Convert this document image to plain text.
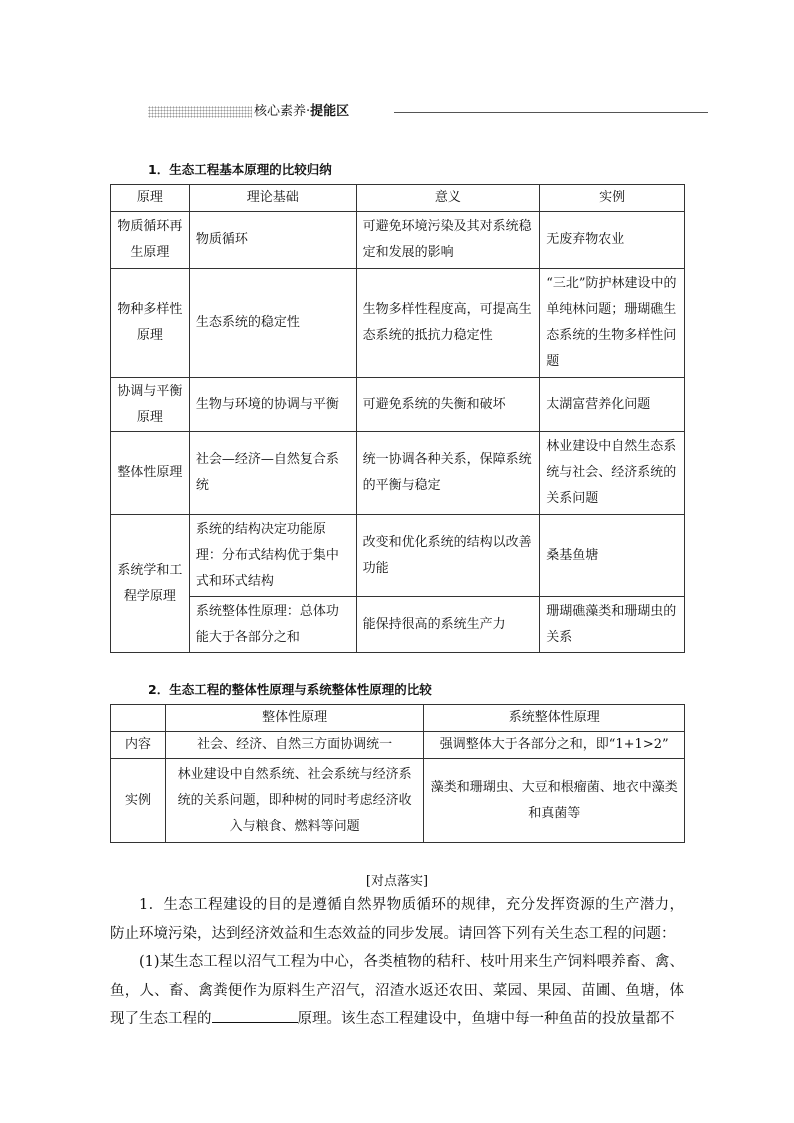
核心素养·提能区
1．生态工程基本原理的比较归纳
原理	理论基础	意义	实例
物质循环再生原理	物质循环	可避免环境污染及其对系统稳定和发展的影响	无废弃物农业
物种多样性原理	生态系统的稳定性	生物多样性程度高，可提高生态系统的抵抗力稳定性	“三北”防护林建设中的单纯林问题；珊瑚礁生态系统的生物多样性问题
协调与平衡原理	生物与环境的协调与平衡	可避免系统的失衡和破坏	太湖富营养化问题
整体性原理	社会—经济—自然复合系统	统一协调各种关系，保障系统的平衡与稳定	林业建设中自然生态系统与社会、经济系统的关系问题
系统学和工程学原理	系统的结构决定功能原理：分布式结构优于集中式和环式结构	改变和优化系统的结构以改善功能	桑基鱼塘
	系统整体性原理：总体功能大于各部分之和	能保持很高的系统生产力	珊瑚礁藻类和珊瑚虫的关系
2．生态工程的整体性原理与系统整体性原理的比较
	整体性原理	系统整体性原理
内容	社会、经济、自然三方面协调统一	强调整体大于各部分之和，即“1+1>2”
实例	林业建设中自然系统、社会系统与经济系统的关系问题，即种树的同时考虑经济收入与粮食、燃料等问题	藻类和珊瑚虫、大豆和根瘤菌、地衣中藻类和真菌等
[对点落实]
1．生态工程建设的目的是遵循自然界物质循环的规律，充分发挥资源的生产潜力，防止环境污染，达到经济效益和生态效益的同步发展。请回答下列有关生态工程的问题：
(1)某生态工程以沼气工程为中心，各类植物的秸秆、枝叶用来生产饲料喂养畜、禽、鱼，人、畜、禽粪便作为原料生产沼气，沼渣水返还农田、菜园、果园、苗圃、鱼塘，体现了生态工程的	原理。该生态工程建设中，鱼塘中每一种鱼苗的投放量都不
